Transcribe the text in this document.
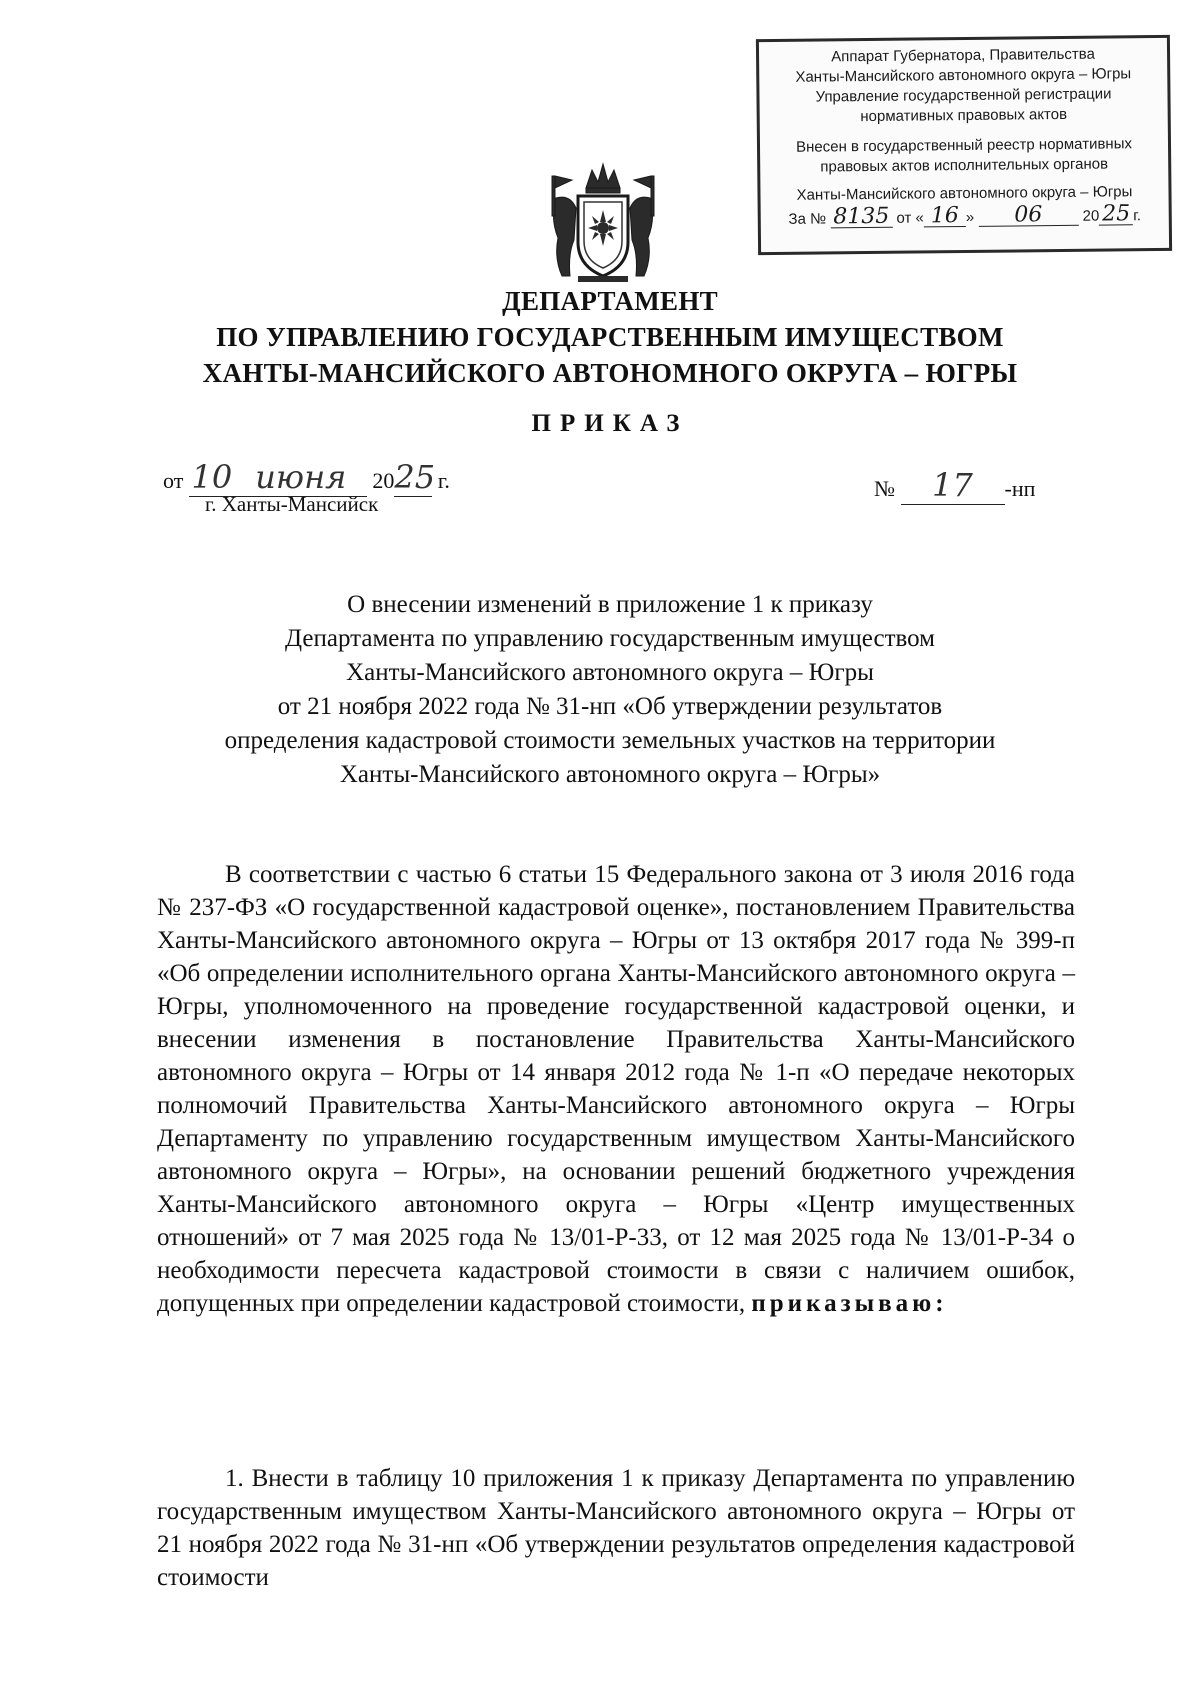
Аппарат Губернатора, Правительства
Ханты-Мансийского автономного округа – Югры
Управление государственной регистрации
нормативных правовых актов
Внесен в государственный реестр нормативных
правовых актов исполнительных органов
Ханты-Мансийского автономного округа – Югры
За № 8135 от « 16 » 06	20 25 г.
ДЕПАРТАМЕНТ
ПО УПРАВЛЕНИЮ ГОСУДАРСТВЕННЫМ ИМУЩЕСТВОМ
ХАНТЫ-МАНСИЙСКОГО АВТОНОМНОГО ОКРУГА – ЮГРЫ
ПРИКАЗ
от 10 июня 2025 г.
г. Ханты-Мансийск
№ 17 -нп
О внесении изменений в приложение 1 к приказу
Департамента по управлению государственным имуществом
Ханты-Мансийского автономного округа – Югры
от 21 ноября 2022 года № 31-нп «Об утверждении результатов
определения кадастровой стоимости земельных участков на территории
Ханты-Мансийского автономного округа – Югры»
В соответствии с частью 6 статьи 15 Федерального закона от 3 июля 2016 года № 237-ФЗ «О государственной кадастровой оценке», постановлением Правительства Ханты-Мансийского автономного округа – Югры от 13 октября 2017 года № 399-п «Об определении исполнительного органа Ханты-Мансийского автономного округа – Югры, уполномоченного на проведение государственной кадастровой оценки, и внесении изменения в постановление Правительства Ханты-Мансийского автономного округа – Югры от 14 января 2012 года № 1-п «О передаче некоторых полномочий Правительства Ханты-Мансийского автономного округа – Югры Департаменту по управлению государственным имуществом Ханты-Мансийского автономного округа – Югры», на основании решений бюджетного учреждения Ханты-Мансийского автономного округа – Югры «Центр имущественных отношений» от 7 мая 2025 года № 13/01-Р-33, от 12 мая 2025 года № 13/01-Р-34 о необходимости пересчета кадастровой стоимости в связи с наличием ошибок, допущенных при определении кадастровой стоимости, приказываю:
1. Внести в таблицу 10 приложения 1 к приказу Департамента по управлению государственным имуществом Ханты-Мансийского автономного округа – Югры от 21 ноября 2022 года № 31-нп «Об утверждении результатов определения кадастровой стоимости
